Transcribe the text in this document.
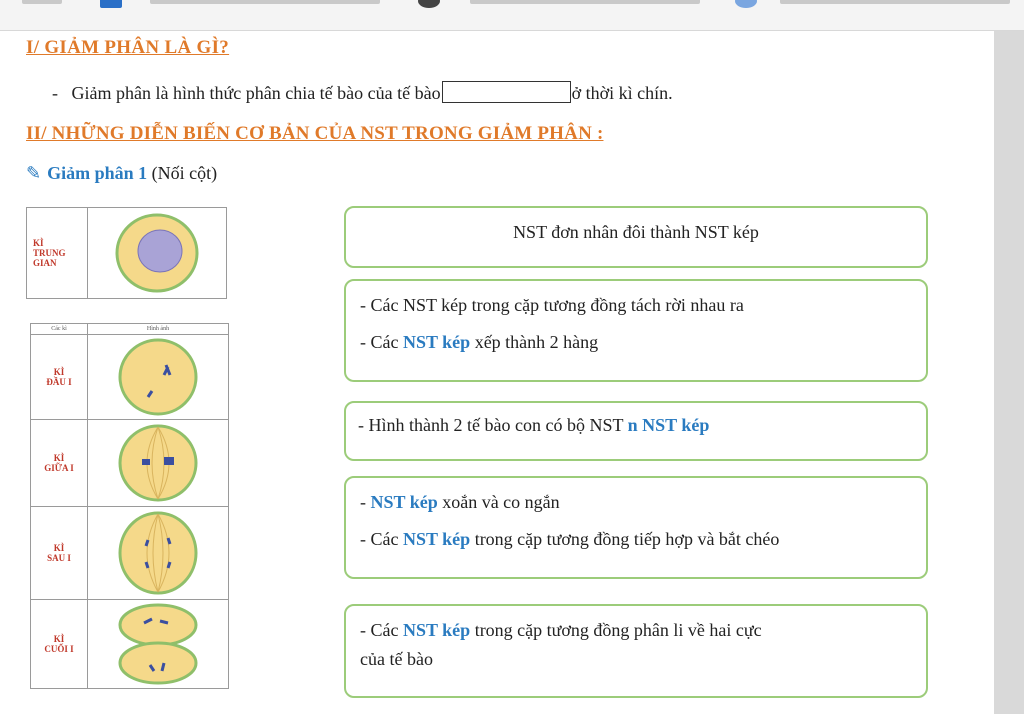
I/ GIẢM PHÂN LÀ GÌ?
-   Giảm phân là hình thức phân chia tế bào của tế bào	ở thời kì chín.
II/ NHỮNG DIỄN BIẾN CƠ BẢN CỦA NST TRONG GIẢM PHÂN :
✎ Giảm phân 1 (Nối cột)
KÌ
TRUNG
GIAN

Các kì	Hình ảnh

KÌ
ĐẦU I

KÌ
GIỮA I

KÌ
SAU I

KÌ
CUỐI I

NST đơn nhân đôi thành NST kép

- Các NST kép trong cặp tương đồng tách rời nhau ra

- Các NST kép xếp thành 2 hàng

- Hình thành 2 tế bào con có bộ NST n NST kép

- NST kép xoắn và co ngắn

- Các NST kép trong cặp tương đồng tiếp hợp và bắt chéo

- Các NST kép trong cặp tương đồng phân li về hai cực

của tế bào
